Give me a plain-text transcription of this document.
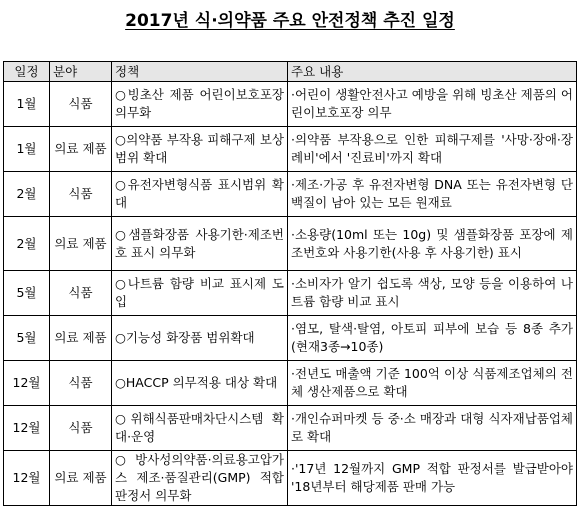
2017년 식·의약품 주요 안전정책 추진 일정
일정	분야	정책	주요 내용
1월	식품	○빙초산 제품 어린이보호포장 의무화	·어린이 생활안전사고 예방을 위해 빙초산 제품의 어린이보호포장 의무
1월	의료 제품	○의약품 부작용 피해구제 보상범위 확대	·의약품 부작용으로 인한 피해구제를 '사망·장애·장례비'에서 '진료비'까지 확대
2월	식품	○유전자변형식품 표시범위 확대	·제조·가공 후 유전자변형 DNA 또는 유전자변형 단백질이 남아 있는 모든 원재료
2월	의료 제품	○샘플화장품 사용기한·제조번호 표시 의무화	·소용량(10ml 또는 10g) 및 샘플화장품 포장에 제조번호와 사용기한(사용 후 사용기한) 표시
5월	식품	○나트륨 함량 비교 표시제 도입	·소비자가 알기 쉽도록 색상, 모양 등을 이용하여 나트륨 함량 비교 표시
5월	의료 제품	○기능성 화장품 범위확대	·염모, 탈색·탈염, 아토피 피부에 보습 등 8종 추가 (현재3종→10종)
12월	식품	○HACCP 의무적용 대상 확대	·전년도 매출액 기준 100억 이상 식품제조업체의 전체 생산제품으로 확대
12월	식품	○위해식품판매차단시스템 확대·운영	·개인슈퍼마켓 등 중·소 매장과 대형 식자재납품업체로 확대
12월	의료 제품	○방사성의약품·의료용고압가스 제조·품질관리(GMP) 적합판정서 의무화	·'17년 12월까지 GMP 적합 판정서를 발급받아야 '18년부터 해당제품 판매 가능
